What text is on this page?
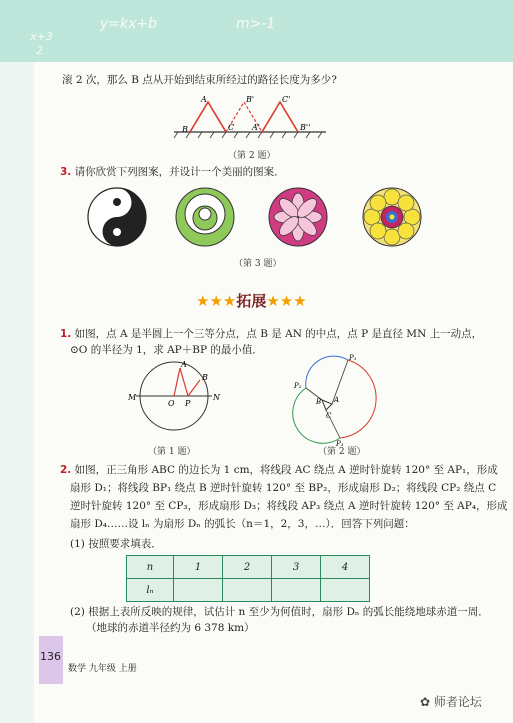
x+3
2
y=kx+b	m>-1
滚 2 次，那么 B 点从开始到结束所经过的路径长度为多少?
B
A
C
B'
A'
C'
B''
（第 2 题）
3. 请你欣赏下列图案，并设计一个美丽的图案．
（第 3 题）
★★★拓展★★★
1. 如图，点 A 是半圆上一个三等分点，点 B 是 AN 的中点，点 P 是直径 MN 上一动点，
⊙O 的半径为 1，求 AP＋BP 的最小值．
M
O P
N
A
B
（第 1 题）
P₁
P₂
P₃
A
B
C
（第 2 题）
2. 如图，正三角形 ABC 的边长为 1 cm，将线段 AC 绕点 A 逆时针旋转 120° 至 AP₁，形成
扇形 D₁；将线段 BP₁ 绕点 B 逆时针旋转 120° 至 BP₂，形成扇形 D₂；将线段 CP₂ 绕点 C
逆时针旋转 120° 至 CP₃，形成扇形 D₃；将线段 AP₃ 绕点 A 逆时针旋转 120° 至 AP₄，形成
扇形 D₄……设 lₙ 为扇形 Dₙ 的弧长（n＝1，2，3，…）．回答下列问题：
(1) 按照要求填表．
n	1	2	3	4
lₙ				
(2) 根据上表所反映的规律，试估计 n 至少为何值时，扇形 Dₙ 的弧长能绕地球赤道一周．
（地球的赤道半径约为 6 378 km）
136
数学 九年级 上册
✿ 师者论坛
